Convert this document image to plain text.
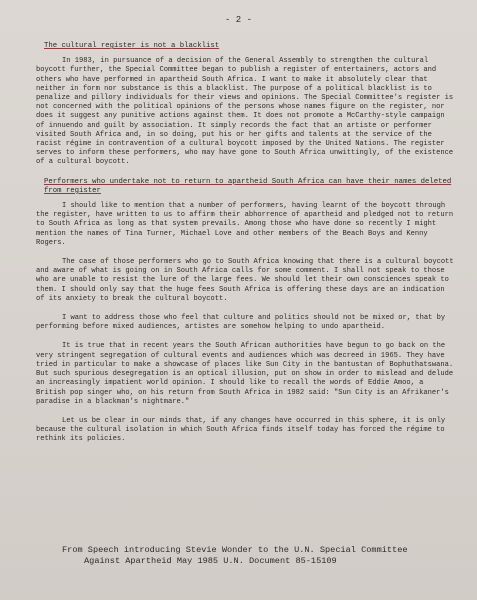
- 2 -
The cultural register is not a blacklist

In 1983, in pursuance of a decision of the General Assembly to strengthen the cultural boycott further, the Special Committee began to publish a register of entertainers, actors and others who have performed in apartheid South Africa. I want to make it absolutely clear that neither in form nor substance is this a blacklist. The purpose of a political blacklist is to penalize and pillory individuals for their views and opinions. The Special Committee's register is not concerned with the political opinions of the persons whose names figure on the register, nor does it suggest any punitive actions against them. It does not promote a McCarthy-style campaign of innuendo and guilt by association. It simply records the fact that an artiste or performer visited South Africa and, in so doing, put his or her gifts and talents at the service of the racist régime in contravention of a cultural boycott imposed by the United Nations. The register serves to inform these performers, who may have gone to South Africa unwittingly, of the existence of a cultural boycott.

Performers who undertake not to return to apartheid South Africa can have their names deleted from register

I should like to mention that a number of performers, having learnt of the boycott through the register, have written to us to affirm their abhorrence of apartheid and pledged not to return to South Africa as long as that system prevails. Among those who have done so recently I might mention the names of Tina Turner, Michael Love and other members of the Beach Boys and Kenny Rogers.

The case of those performers who go to South Africa knowing that there is a cultural boycott and aware of what is going on in South Africa calls for some comment. I shall not speak to those who are unable to resist the lure of the large fees. We should let their own consciences speak to them. I should only say that the huge fees South Africa is offering these days are an indication of its anxiety to break the cultural boycott.

I want to address those who feel that culture and politics should not be mixed or, that by performing before mixed audiences, artistes are somehow helping to undo apartheid.

It is true that in recent years the South African authorities have begun to go back on the very stringent segregation of cultural events and audiences which was decreed in 1965. They have tried in particular to make a showcase of places like Sun City in the bantustan of Bophuthatswana. But such spurious desegregation is an optical illusion, put on show in order to mislead and delude an increasingly impatient world opinion. I should like to recall the words of Eddie Amoo, a British pop singer who, on his return from South Africa in 1982 said: "Sun City is an Afrikaner's paradise in a blackman's nightmare."

Let us be clear in our minds that, if any changes have occurred in this sphere, it is only because the cultural isolation in which South Africa finds itself today has forced the régime to rethink its policies.

From Speech introducing Stevie Wonder to the U.N. Special Committee
Against Apartheid May 1985 U.N. Document 85-15109
